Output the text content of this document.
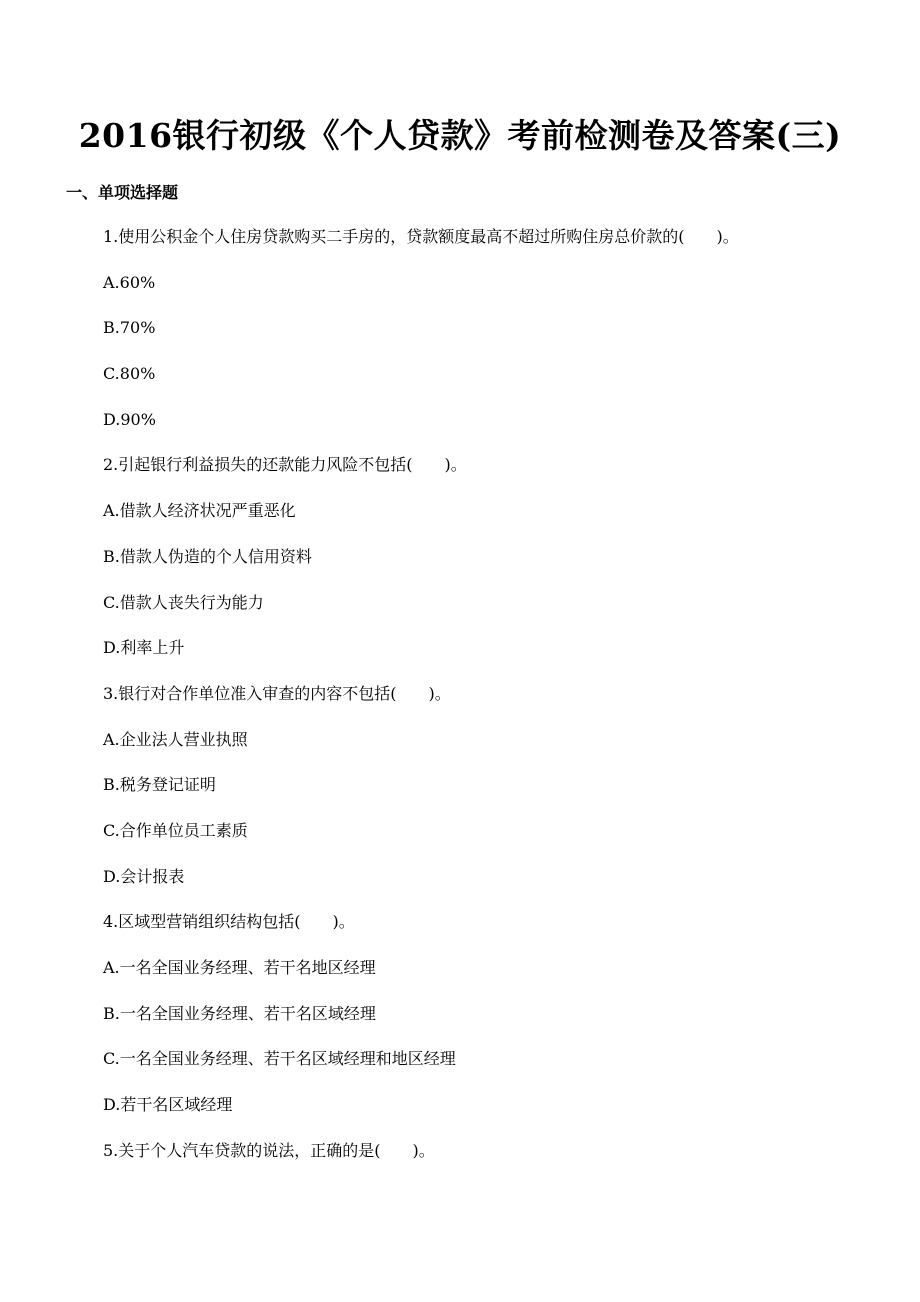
2016银行初级《个人贷款》考前检测卷及答案(三)
一、单项选择题
1.使用公积金个人住房贷款购买二手房的，贷款额度最高不超过所购住房总价款的(　　)。
A.60%
B.70%
C.80%
D.90%
2.引起银行利益损失的还款能力风险不包括(　　)。
A.借款人经济状况严重恶化
B.借款人伪造的个人信用资料
C.借款人丧失行为能力
D.利率上升
3.银行对合作单位准入审查的内容不包括(　　)。
A.企业法人营业执照
B.税务登记证明
C.合作单位员工素质
D.会计报表
4.区域型营销组织结构包括(　　)。
A.一名全国业务经理、若干名地区经理
B.一名全国业务经理、若干名区域经理
C.一名全国业务经理、若干名区域经理和地区经理
D.若干名区域经理
5.关于个人汽车贷款的说法，正确的是(　　)。
